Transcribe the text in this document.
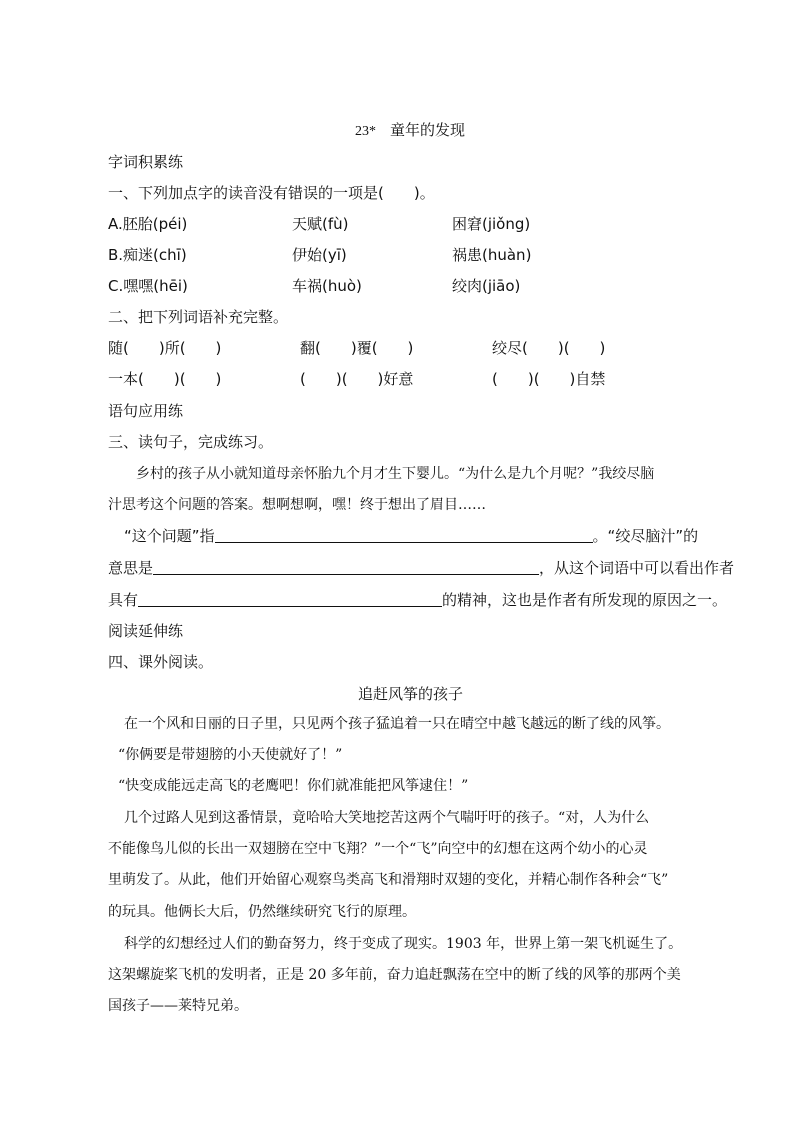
23* 童年的发现
字词积累练
一、下列加点字的读音没有错误的一项是(　　)。
A.胚胎(péi)	天赋(fù)	困窘(jiǒng)
B.痴迷(chī)	伊始(yī)	祸患(huàn)
C.嘿嘿(hēi)	车祸(huò)	绞肉(jiāo)
二、把下列词语补充完整。
随(　　)所(　　)	翻(　　)覆(　　)	绞尽(　　)(　　)
一本(　　)(　　)	(　　)(　　)好意	(　　)(　　)自禁
语句应用练
三、读句子，完成练习。
乡村的孩子从小就知道母亲怀胎九个月才生下婴儿。“为什么是九个月呢？”我绞尽脑
汁思考这个问题的答案。想啊想啊，嘿！终于想出了眉目……
“这个问题”指	。“绞尽脑汁”的
意思是	，从这个词语中可以看出作者
具有	的精神，这也是作者有所发现的原因之一。
阅读延伸练
四、课外阅读。
追赶风筝的孩子
在一个风和日丽的日子里，只见两个孩子猛追着一只在晴空中越飞越远的断了线的风筝。
“你俩要是带翅膀的小天使就好了！”
“快变成能远走高飞的老鹰吧！你们就准能把风筝逮住！”
几个过路人见到这番情景，竟哈哈大笑地挖苦这两个气喘吁吁的孩子。“对，人为什么
不能像鸟儿似的长出一双翅膀在空中飞翔？”一个“飞”向空中的幻想在这两个幼小的心灵
里萌发了。从此，他们开始留心观察鸟类高飞和滑翔时双翅的变化，并精心制作各种会“飞”
的玩具。他俩长大后，仍然继续研究飞行的原理。
科学的幻想经过人们的勤奋努力，终于变成了现实。1903 年，世界上第一架飞机诞生了。
这架螺旋桨飞机的发明者，正是 20 多年前，奋力追赶飘荡在空中的断了线的风筝的那两个美
国孩子——莱特兄弟。
